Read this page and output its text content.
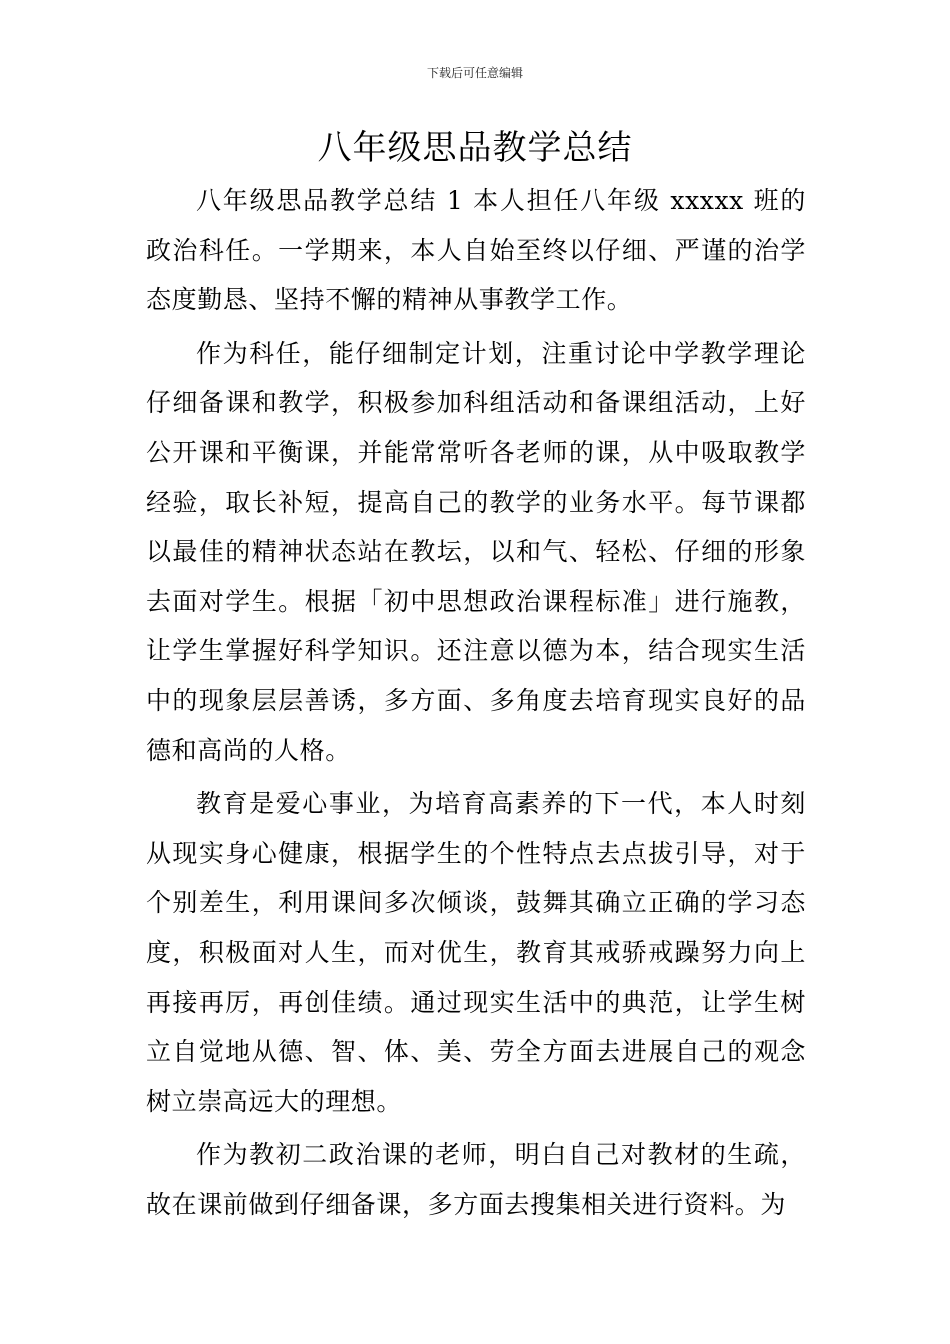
下载后可任意编辑
八年级思品教学总结

八年级思品教学总结 1 本人担任八年级 xxxxx 班的政治科任。一学期来，本人自始至终以仔细、严谨的治学态度勤恳、坚持不懈的精神从事教学工作。

作为科任，能仔细制定计划，注重讨论中学教学理论仔细备课和教学，积极参加科组活动和备课组活动，上好公开课和平衡课，并能常常听各老师的课，从中吸取教学经验，取长补短，提高自己的教学的业务水平。每节课都以最佳的精神状态站在教坛，以和气、轻松、仔细的形象去面对学生。根据「初中思想政治课程标准」进行施教，让学生掌握好科学知识。还注意以德为本，结合现实生活中的现象层层善诱，多方面、多角度去培育现实良好的品德和高尚的人格。

教育是爱心事业，为培育高素养的下一代，本人时刻从现实身心健康，根据学生的个性特点去点拔引导，对于个别差生，利用课间多次倾谈，鼓舞其确立正确的学习态度，积极面对人生，而对优生，教育其戒骄戒躁努力向上再接再厉，再创佳绩。通过现实生活中的典范，让学生树立自觉地从德、智、体、美、劳全方面去进展自己的观念树立崇高远大的理想。

作为教初二政治课的老师，明白自己对教材的生疏，故在课前做到仔细备课，多方面去搜集相关进行资料。为
